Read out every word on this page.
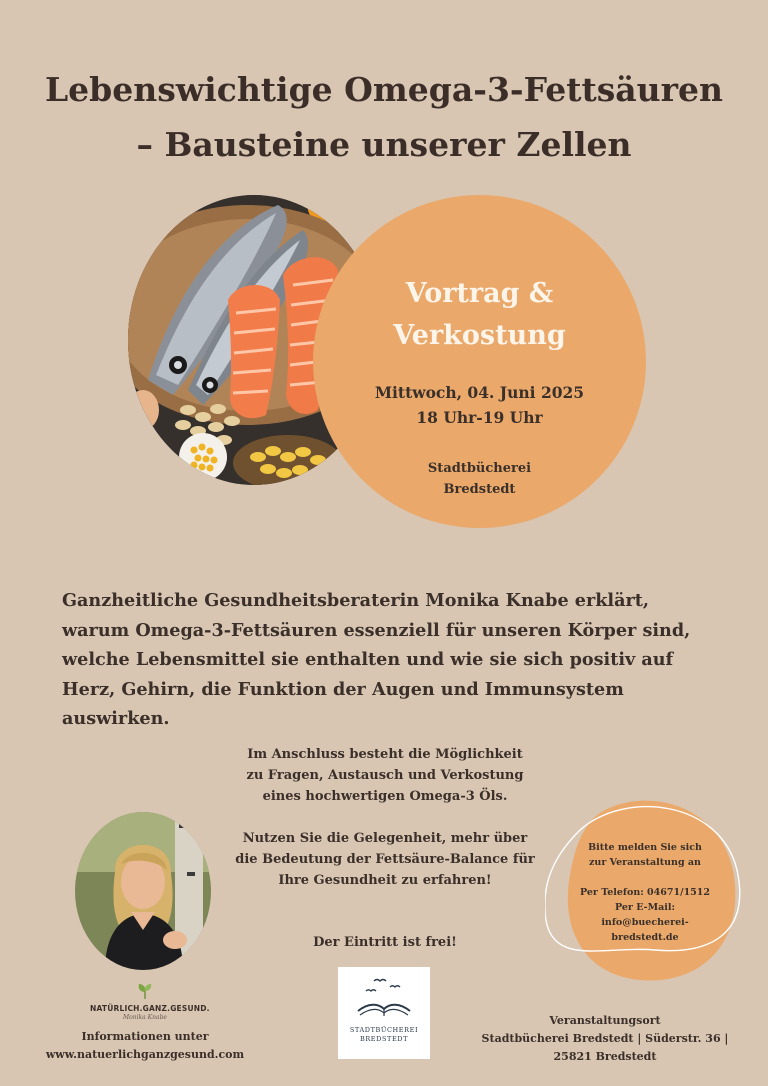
Lebenswichtige Omega-3-Fettsäuren
– Bausteine unserer Zellen
Vortrag &
Verkostung
Mittwoch, 04. Juni 2025
18 Uhr-19 Uhr
Stadtbücherei
Bredstedt
Ganzheitliche Gesundheitsberaterin Monika Knabe erklärt, warum Omega-3-Fettsäuren essenziell für unseren Körper sind, welche Lebensmittel sie enthalten und wie sie sich positiv auf Herz, Gehirn, die Funktion der Augen und Immunsystem auswirken.
Im Anschluss besteht die Möglichkeit
zu Fragen, Austausch und Verkostung
eines hochwertigen Omega-3 Öls.
Nutzen Sie die Gelegenheit, mehr über
die Bedeutung der Fettsäure-Balance für
Ihre Gesundheit zu erfahren!
Der Eintritt ist frei!
Bitte melden Sie sich
zur Veranstaltung an
Per Telefon: 04671/1512
Per E-Mail:
info@buecherei-
bredstedt.de
NATÜRLICH.GANZ.GESUND.
Monika Knabe
Informationen unter
www.natuerlichganzgesund.com
STADTBÜCHEREI
BREDSTEDT
Veranstaltungsort
Stadtbücherei Bredstedt | Süderstr. 36 |
25821 Bredstedt
